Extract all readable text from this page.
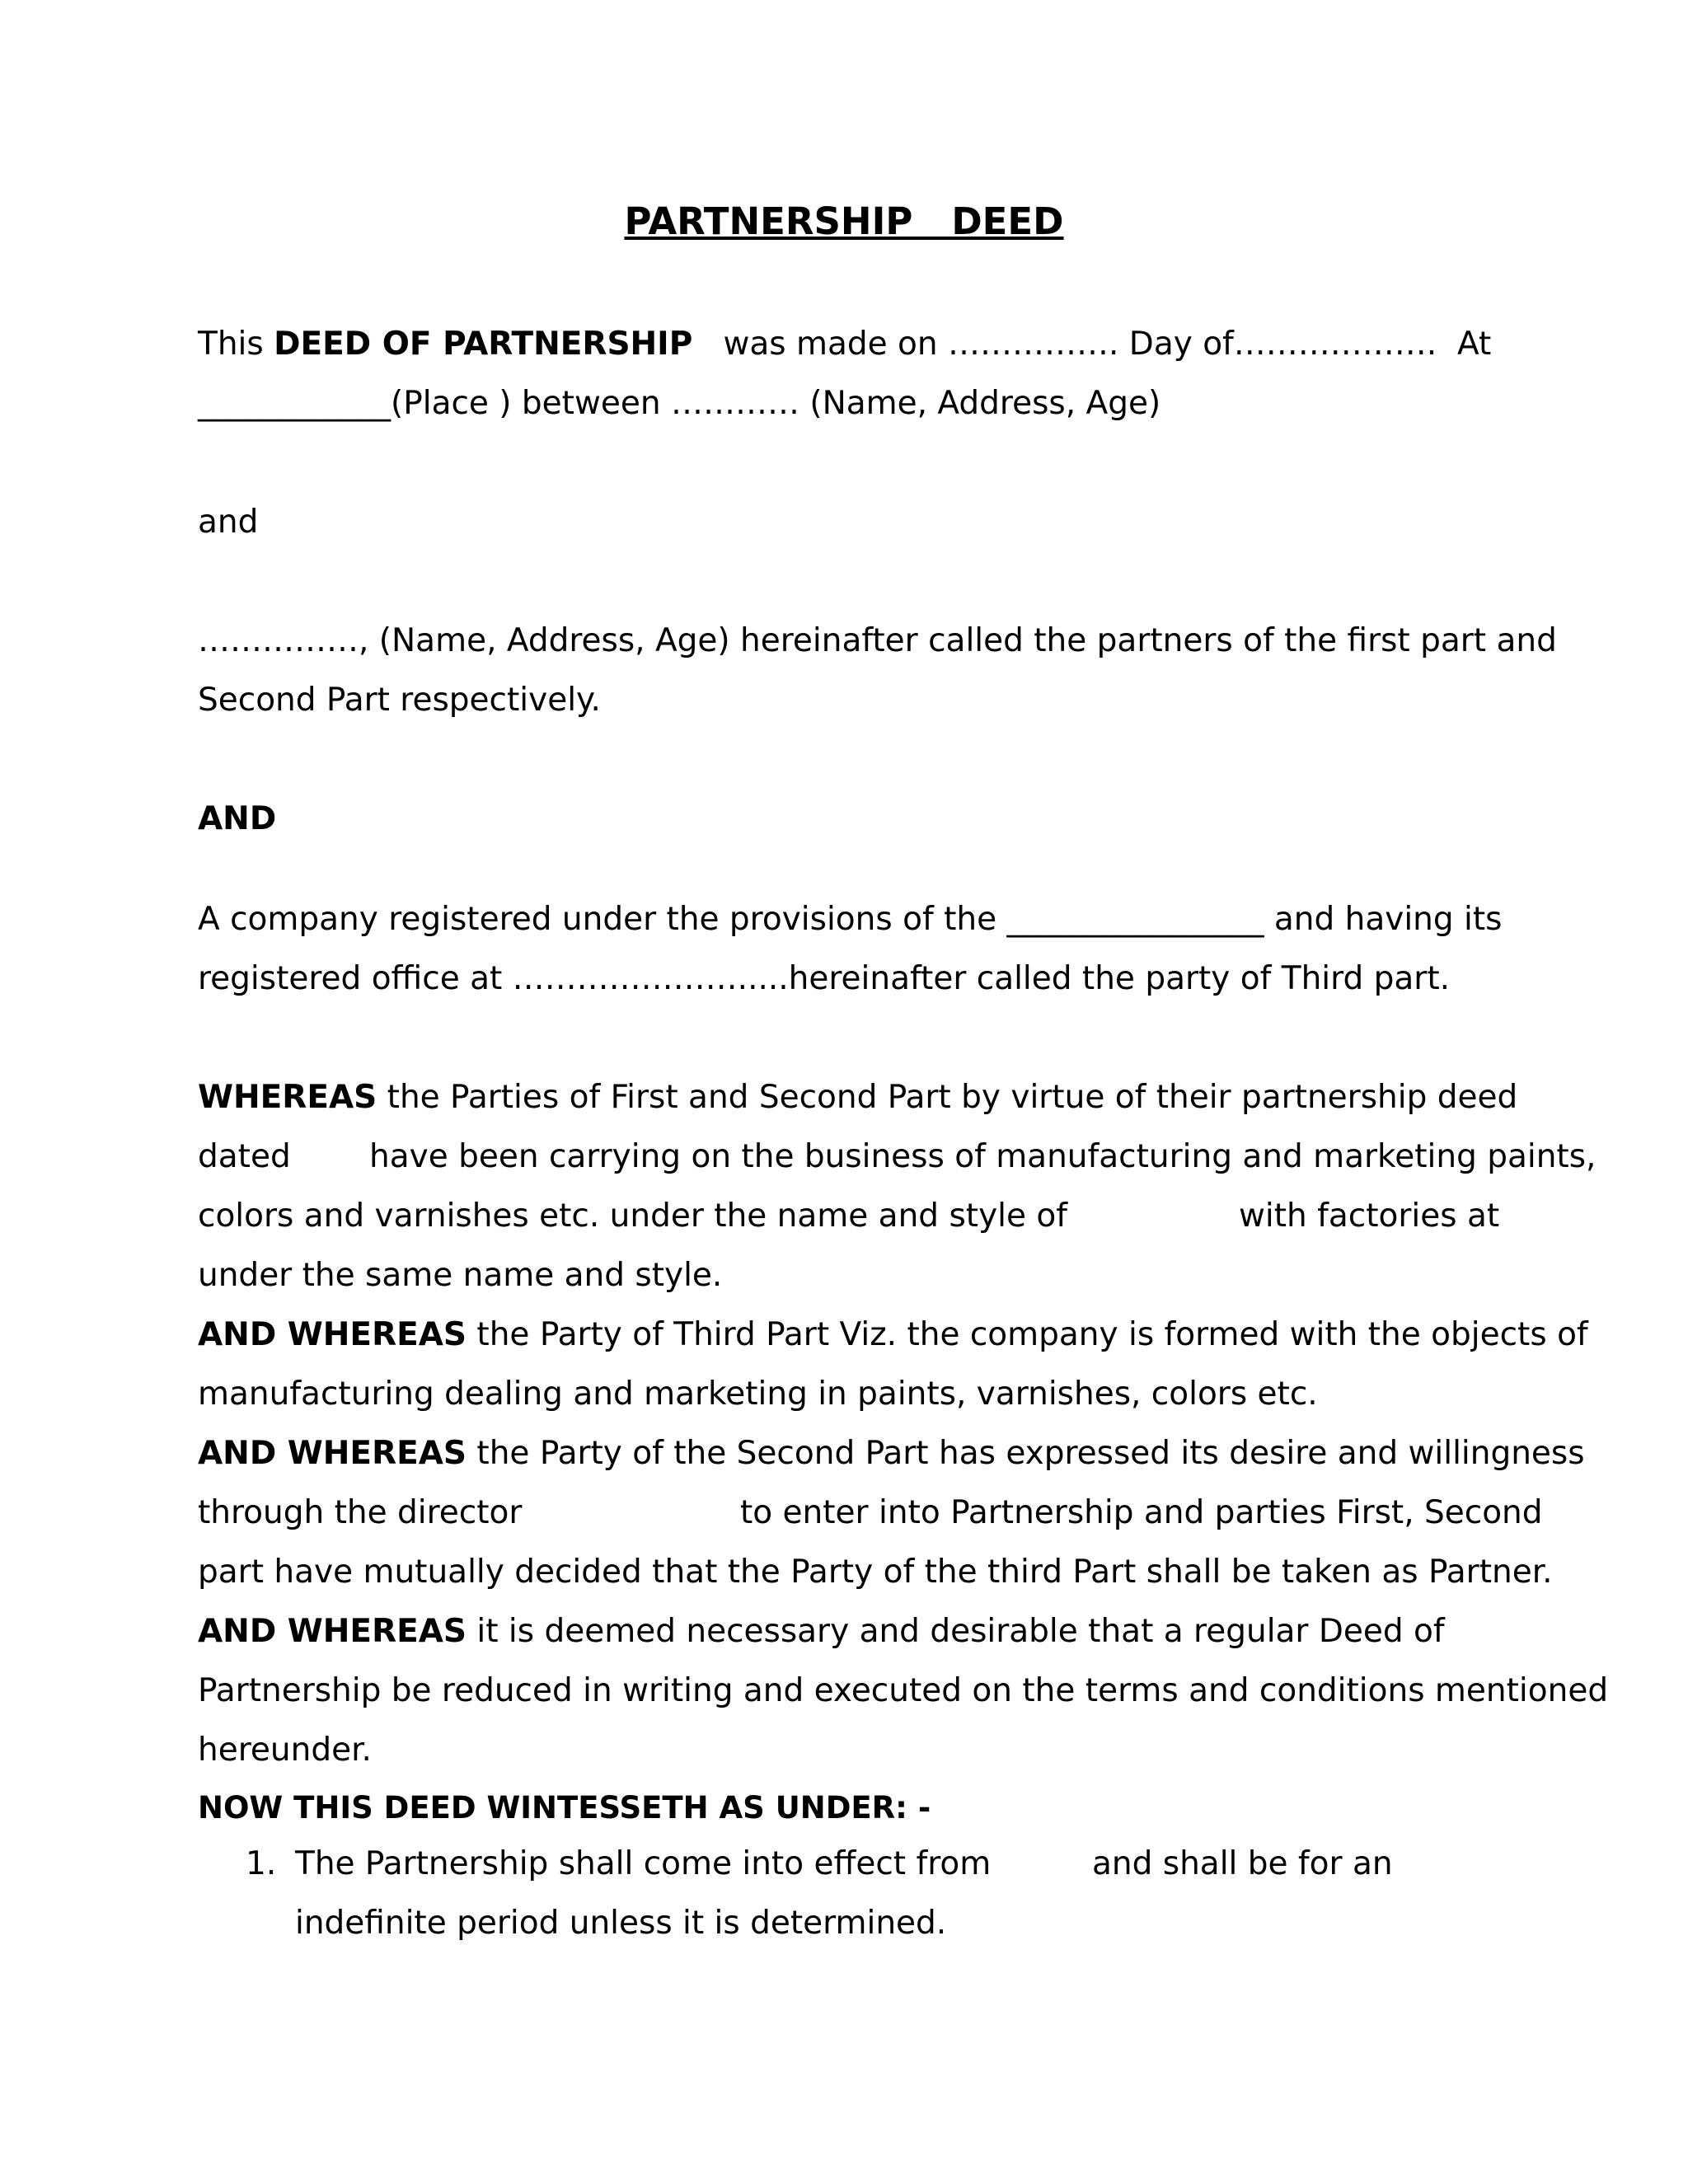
PARTNERSHIP   DEED
This DEED OF PARTNERSHIP   was made on ……………. Day of……………….  At
____________(Place ) between ………… (Name, Address, Age)
and
……………, (Name, Address, Age) hereinafter called the partners of the first part and
Second Part respectively.
AND
A company registered under the provisions of the ________________ and having its
registered office at ………………….....hereinafter called the party of Third part.
WHEREAS the Parties of First and Second Part by virtue of their partnership deed
dated have been carrying on the business of manufacturing and marketing paints,
colors and varnishes etc. under the name and style of	with factories at
under the same name and style.
AND WHEREAS the Party of Third Part Viz. the company is formed with the objects of
manufacturing dealing and marketing in paints, varnishes, colors etc.
AND WHEREAS the Party of the Second Part has expressed its desire and willingness
through the director	to enter into Partnership and parties First, Second
part have mutually decided that the Party of the third Part shall be taken as Partner.
AND WHEREAS it is deemed necessary and desirable that a regular Deed of
Partnership be reduced in writing and executed on the terms and conditions mentioned
hereunder.
NOW THIS DEED WINTESSETH AS UNDER: -
1. The Partnership shall come into effect from	and shall be for an
indefinite period unless it is determined.
